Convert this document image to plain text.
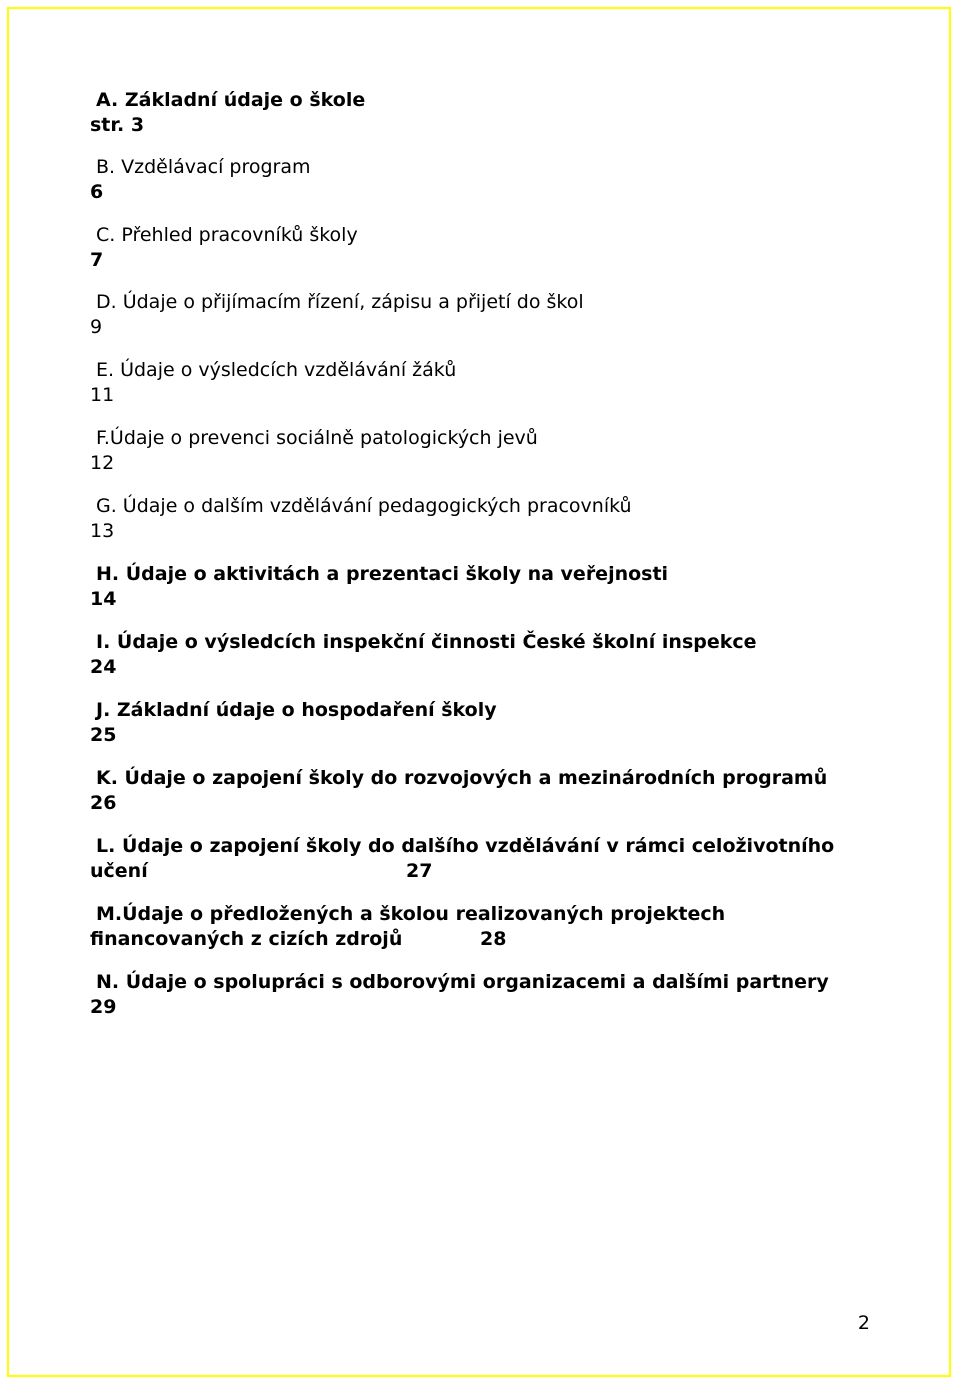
A. Základní údaje o škole
str. 3
B. Vzdělávací program
6
C. Přehled pracovníků školy
7
D. Údaje o přijímacím řízení, zápisu a přijetí do škol
9
E. Údaje o výsledcích vzdělávání žáků
11
F.Údaje o prevenci sociálně patologických jevů
12
G. Údaje o dalším vzdělávání pedagogických pracovníků
13
H. Údaje o aktivitách a prezentaci školy na veřejnosti
14
I. Údaje o výsledcích inspekční činnosti České školní inspekce
24
J. Základní údaje o hospodaření školy
25
K. Údaje o zapojení školy do rozvojových a mezinárodních programů
26
L. Údaje o zapojení školy do dalšího vzdělávání v rámci celoživotního
učení	27
M.Údaje o předložených a školou realizovaných projektech
financovaných z cizích zdrojů	28
N. Údaje o spolupráci s odborovými organizacemi a dalšími partnery
29
2
